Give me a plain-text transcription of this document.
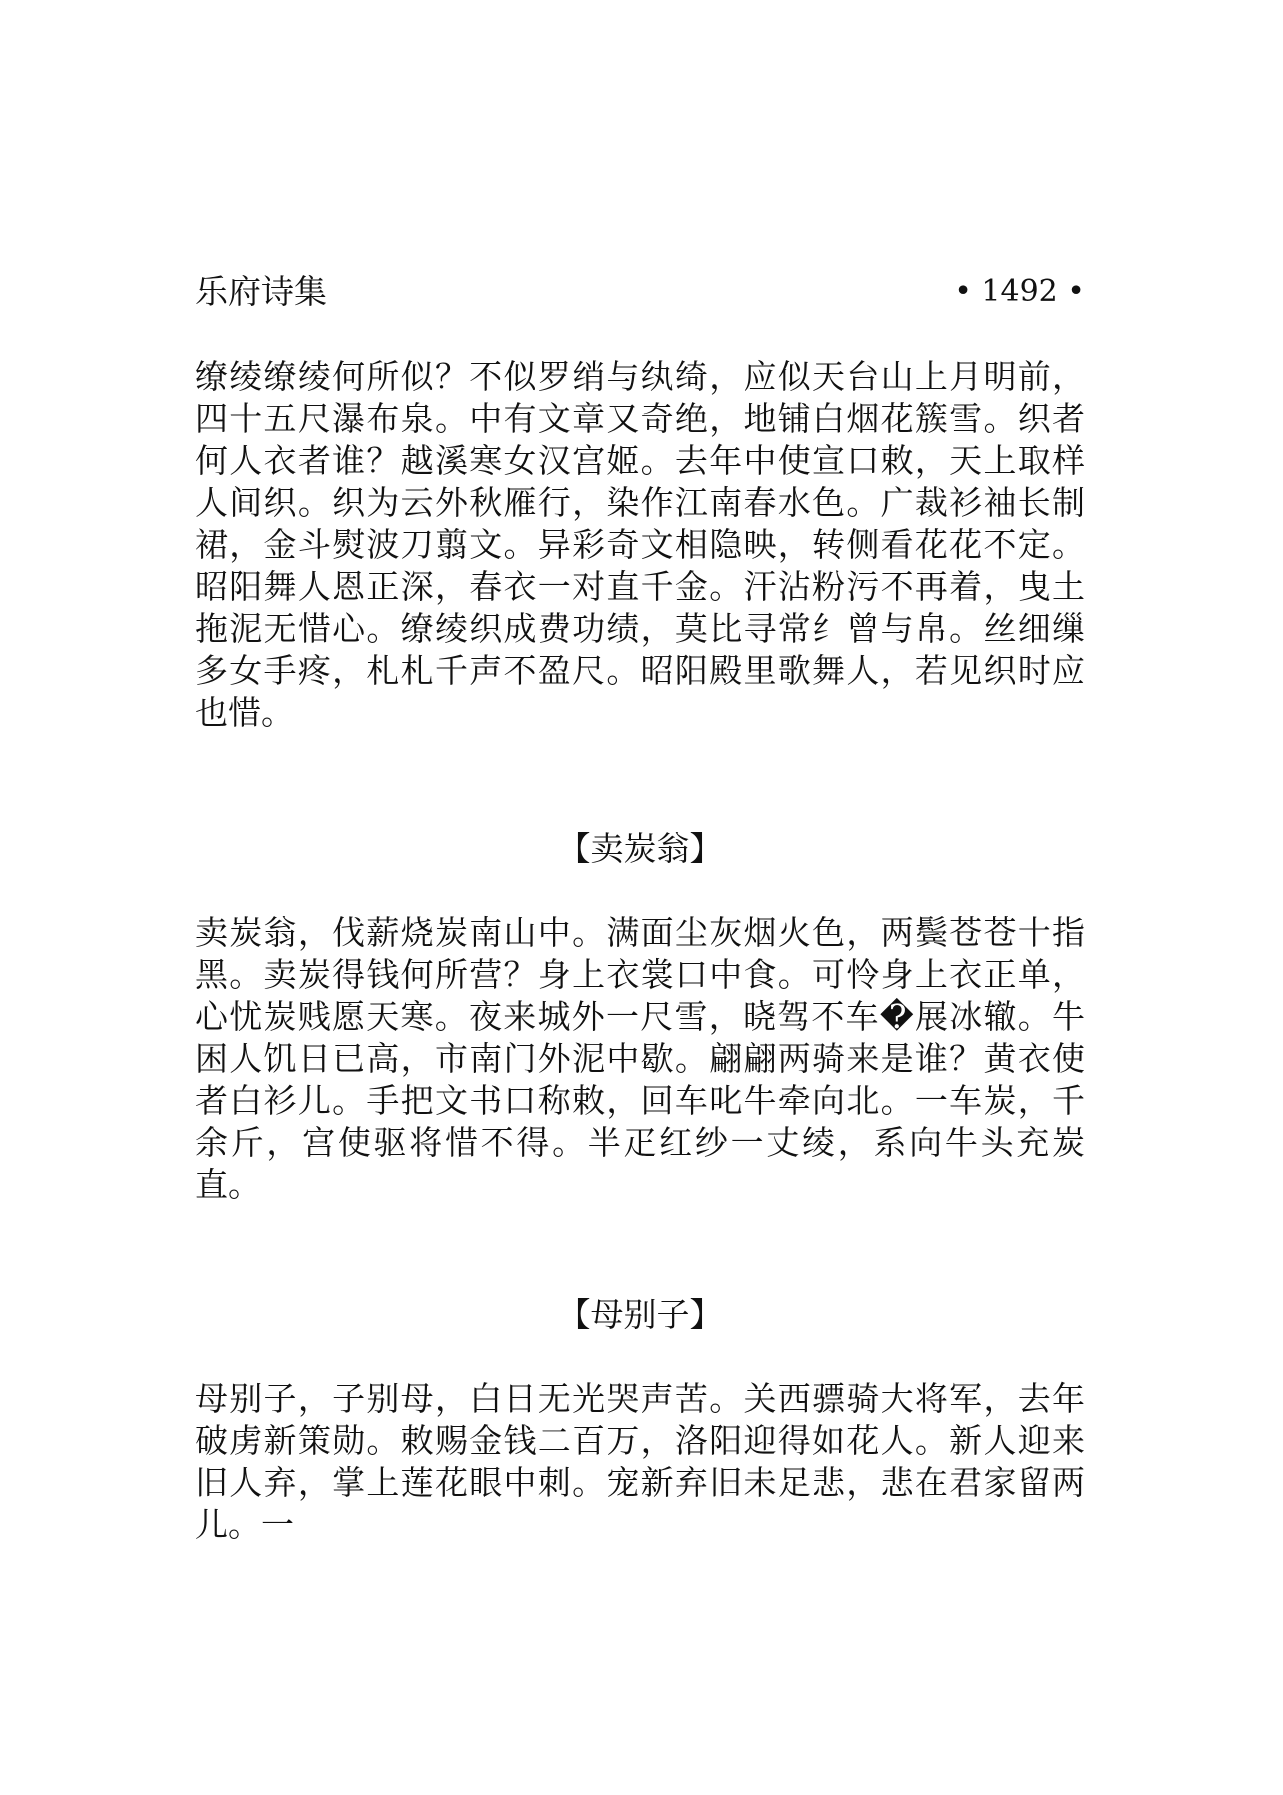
乐府诗集	• 1492 •

缭绫缭绫何所似？不似罗绡与纨绮，应似天台山上月明前，四十五尺瀑布泉。中有文章又奇绝，地铺白烟花簇雪。织者何人衣者谁？越溪寒女汉宫姬。去年中使宣口敕，天上取样人间织。织为云外秋雁行，染作江南春水色。广裁衫袖长制裙，金斗熨波刀翦文。异彩奇文相隐映，转侧看花花不定。昭阳舞人恩正深，春衣一对直千金。汗沾粉污不再着，曳土拖泥无惜心。缭绫织成费功绩，莫比寻常纟曾与帛。丝细缫多女手疼，札札千声不盈尺。昭阳殿里歌舞人，若见织时应也惜。

【卖炭翁】

卖炭翁，伐薪烧炭南山中。满面尘灰烟火色，两鬓苍苍十指黑。卖炭得钱何所营？身上衣裳口中食。可怜身上衣正单，心忧炭贱愿天寒。夜来城外一尺雪，晓驾不车�展冰辙。牛困人饥日已高，市南门外泥中歇。翩翩两骑来是谁？黄衣使者白衫儿。手把文书口称敕，回车叱牛牵向北。一车炭，千余斤，宫使驱将惜不得。半疋红纱一丈绫，系向牛头充炭直。

【母别子】

母别子，子别母，白日无光哭声苦。关西骠骑大将军，去年破虏新策勋。敕赐金钱二百万，洛阳迎得如花人。新人迎来旧人弃，掌上莲花眼中刺。宠新弃旧未足悲，悲在君家留两儿。一
